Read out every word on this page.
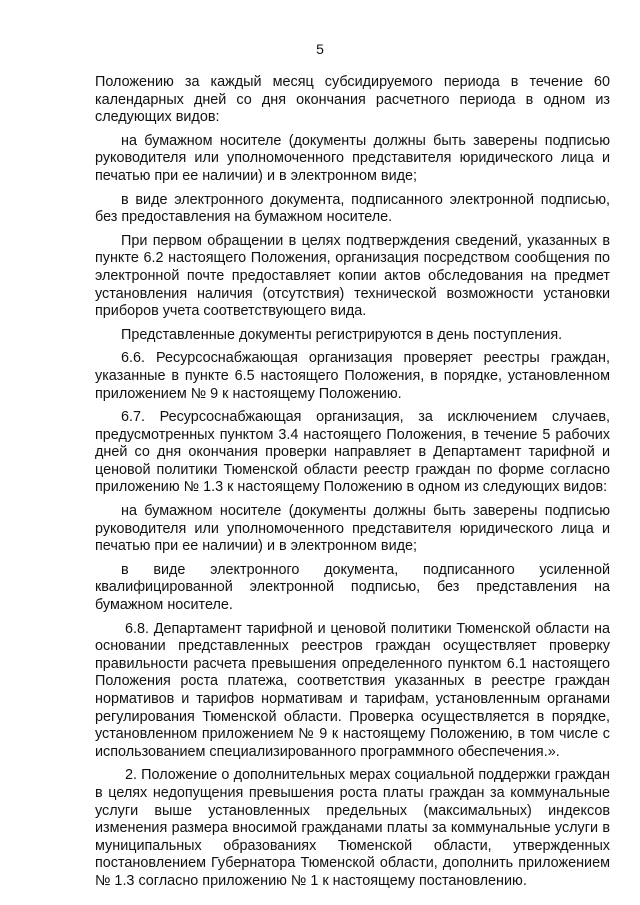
5

Положению за каждый месяц субсидируемого периода в течение 60 календарных дней со дня окончания расчетного периода в одном из следующих видов:

на бумажном носителе (документы должны быть заверены подписью руководителя или уполномоченного представителя юридического лица и печатью при ее наличии) и в электронном виде;

в виде электронного документа, подписанного электронной подписью, без предоставления на бумажном носителе.

При первом обращении в целях подтверждения сведений, указанных в пункте 6.2 настоящего Положения, организация посредством сообщения по электронной почте предоставляет копии актов обследования на предмет установления наличия (отсутствия) технической возможности установки приборов учета соответствующего вида.

Представленные документы регистрируются в день поступления.

6.6. Ресурсоснабжающая организация проверяет реестры граждан, указанные в пункте 6.5 настоящего Положения, в порядке, установленном приложением № 9 к настоящему Положению.

6.7. Ресурсоснабжающая организация, за исключением случаев, предусмотренных пунктом 3.4 настоящего Положения, в течение 5 рабочих дней со дня окончания проверки направляет в Департамент тарифной и ценовой политики Тюменской области реестр граждан по форме согласно приложению № 1.3 к настоящему Положению в одном из следующих видов:

на бумажном носителе (документы должны быть заверены подписью руководителя или уполномоченного представителя юридического лица и печатью при ее наличии) и в электронном виде;

в виде электронного документа, подписанного усиленной квалифицированной электронной подписью, без представления на бумажном носителе.

6.8. Департамент тарифной и ценовой политики Тюменской области на основании представленных реестров граждан осуществляет проверку правильности расчета превышения определенного пунктом 6.1 настоящего Положения роста платежа, соответствия указанных в реестре граждан нормативов и тарифов нормативам и тарифам, установленным органами регулирования Тюменской области. Проверка осуществляется в порядке, установленном приложением № 9 к настоящему Положению, в том числе с использованием специализированного программного обеспечения.».

2. Положение о дополнительных мерах социальной поддержки граждан в целях недопущения превышения роста платы граждан за коммунальные услуги выше установленных предельных (максимальных) индексов изменения размера вносимой гражданами платы за коммунальные услуги в муниципальных образованиях Тюменской области, утвержденных постановлением Губернатора Тюменской области, дополнить приложением № 1.3 согласно приложению № 1 к настоящему постановлению.
